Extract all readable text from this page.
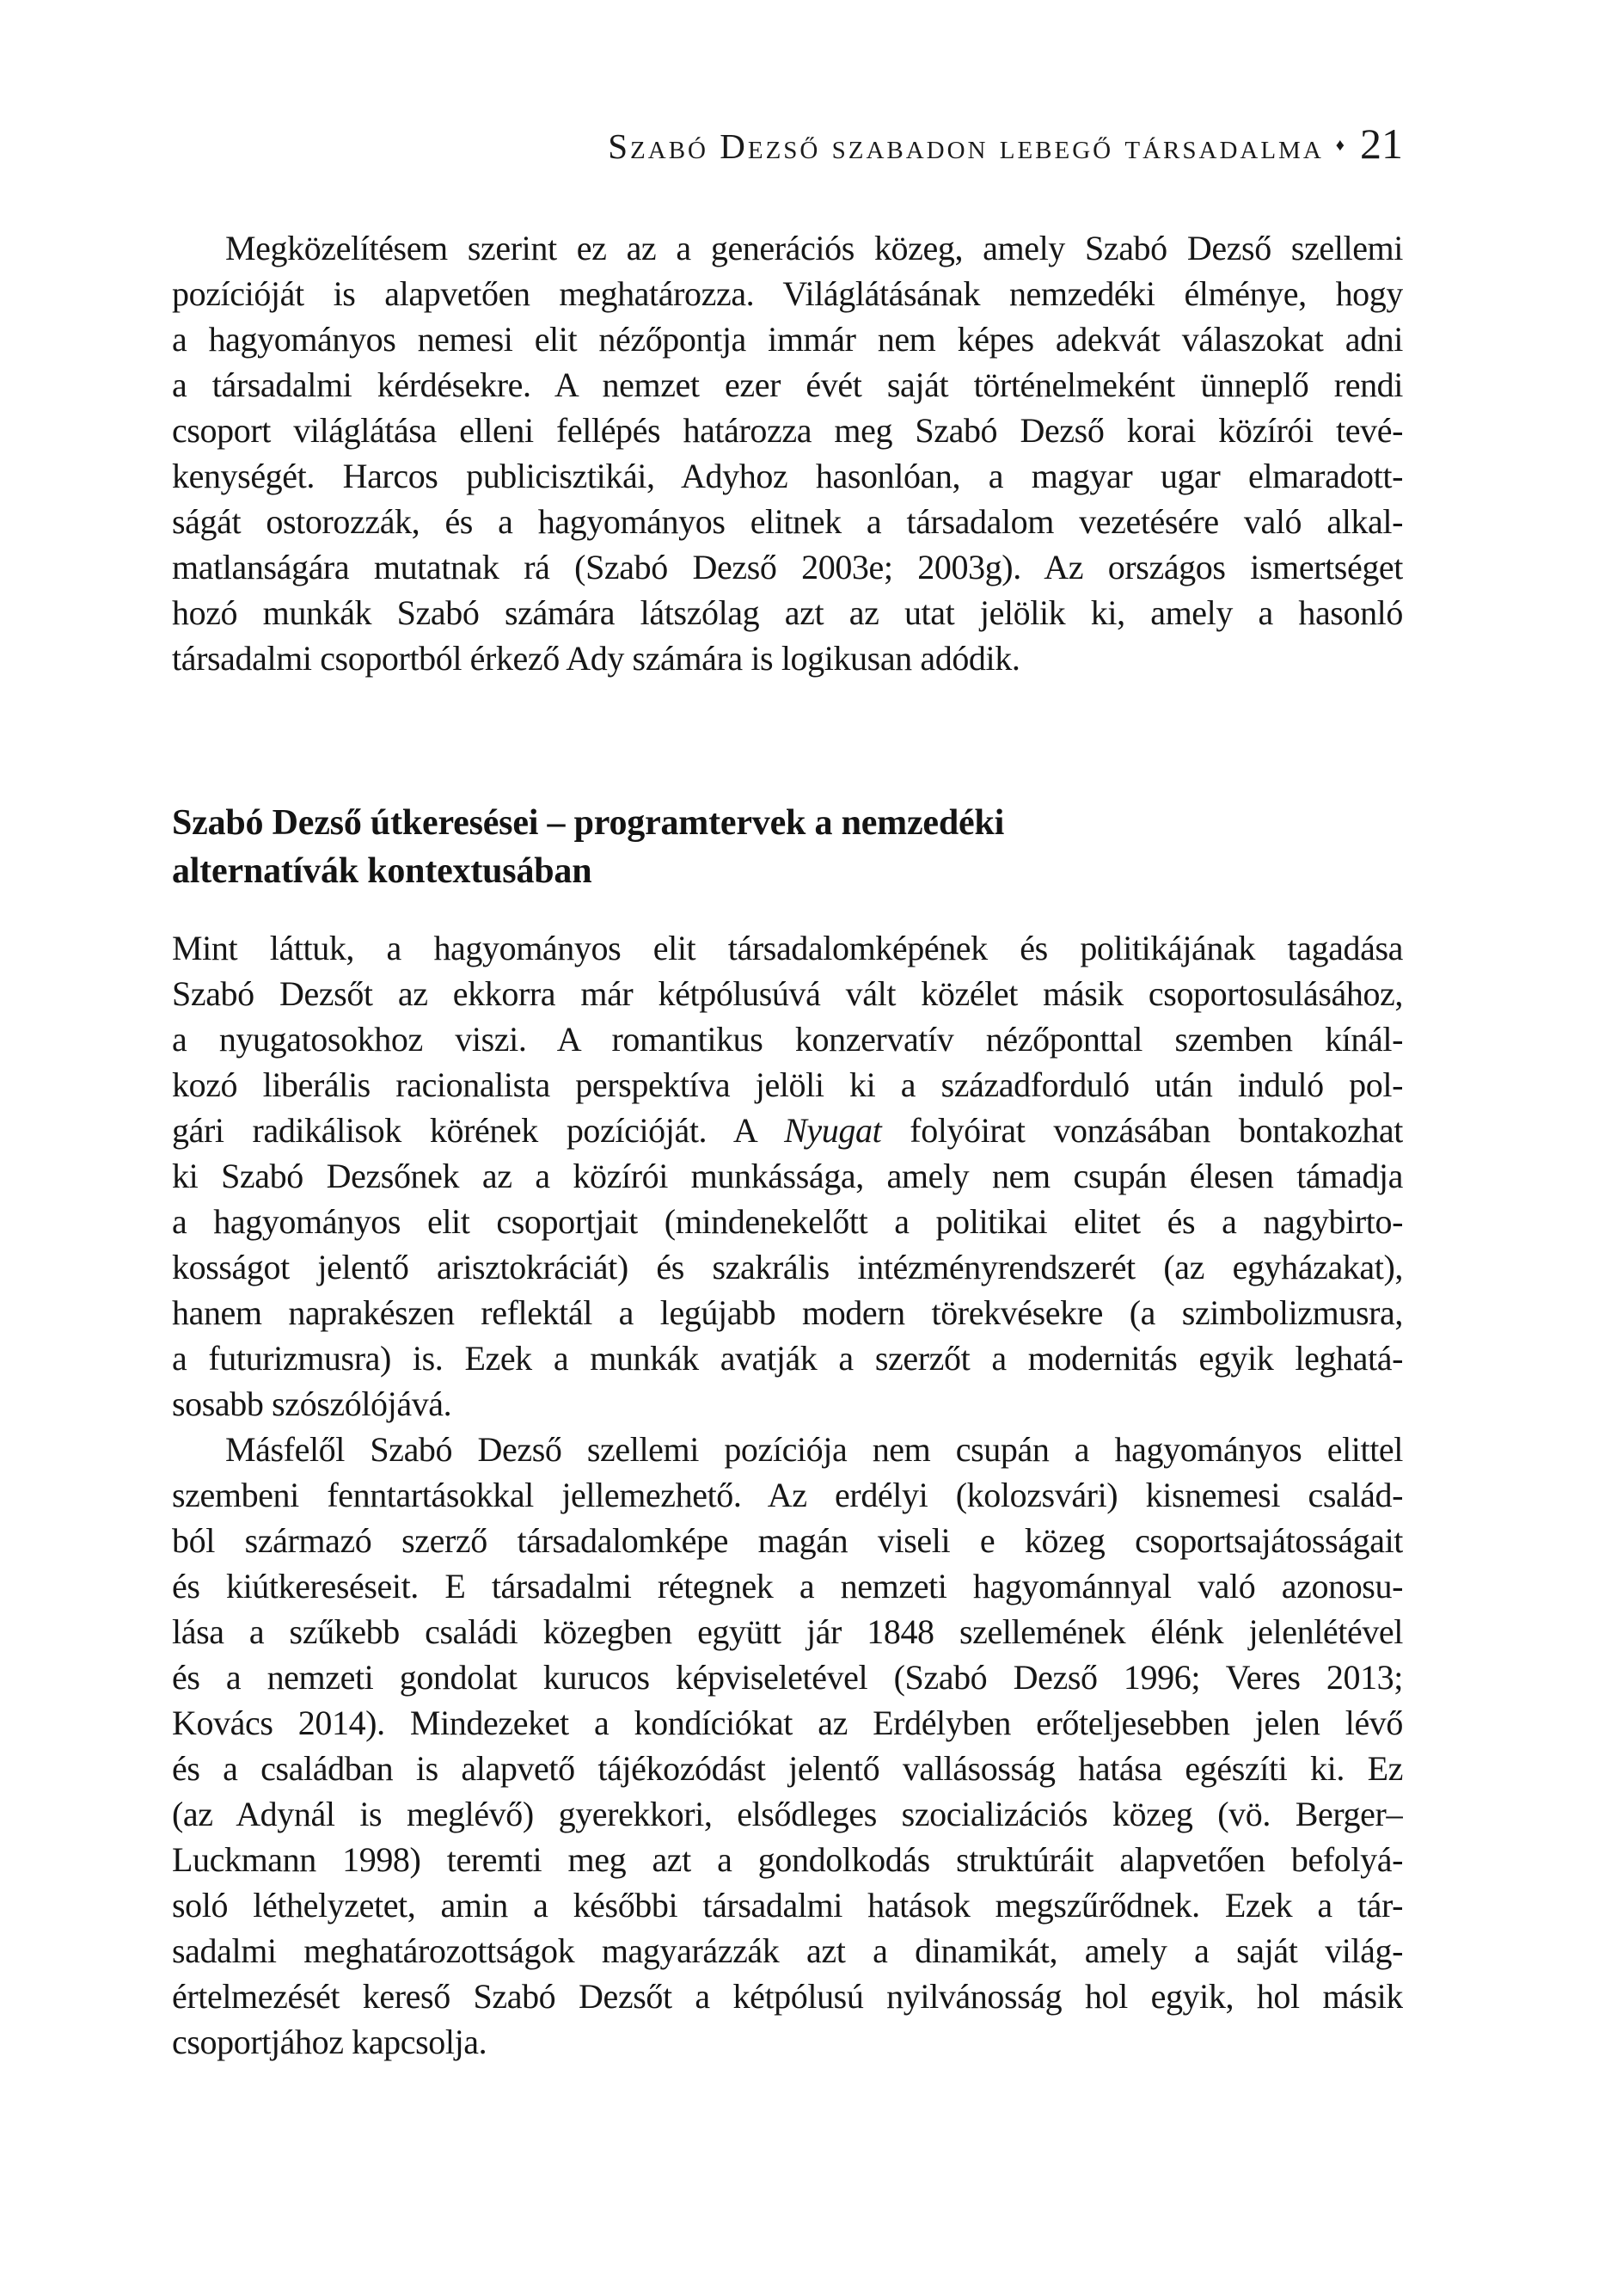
Szabó Dezső szabadon lebegő társadalma ♦ 21
Megközelítésem szerint ez az a generációs közeg, amely Szabó Dezső szellemi
pozícióját is alapvetően meghatározza. Világlátásának nemzedéki élménye, hogy
a hagyományos nemesi elit nézőpontja immár nem képes adekvát válaszokat adni
a társadalmi kérdésekre. A nemzet ezer évét saját történelmeként ünneplő rendi
csoport világlátása elleni fellépés határozza meg Szabó Dezső korai közírói tevé-
kenységét. Harcos publicisztikái, Adyhoz hasonlóan, a magyar ugar elmaradott-
ságát ostorozzák, és a hagyományos elitnek a társadalom vezetésére való alkal-
matlanságára mutatnak rá (Szabó Dezső 2003e; 2003g). Az országos ismertséget
hozó munkák Szabó számára látszólag azt az utat jelölik ki, amely a hasonló
társadalmi csoportból érkező Ady számára is logikusan adódik.
Szabó Dezső útkeresései – programtervek a nemzedéki
alternatívák kontextusában
Mint láttuk, a hagyományos elit társadalomképének és politikájának tagadása
Szabó Dezsőt az ekkorra már kétpólusúvá vált közélet másik csoportosulásához,
a nyugatosokhoz viszi. A romantikus konzervatív nézőponttal szemben kínál-
kozó liberális racionalista perspektíva jelöli ki a századforduló után induló pol-
gári radikálisok körének pozícióját. A Nyugat folyóirat vonzásában bontakozhat
ki Szabó Dezsőnek az a közírói munkássága, amely nem csupán élesen támadja
a hagyományos elit csoportjait (mindenekelőtt a politikai elitet és a nagybirto-
kosságot jelentő arisztokráciát) és szakrális intézményrendszerét (az egyházakat),
hanem naprakészen reflektál a legújabb modern törekvésekre (a szimbolizmusra,
a futurizmusra) is. Ezek a munkák avatják a szerzőt a modernitás egyik leghatá-
sosabb szószólójává.
Másfelől Szabó Dezső szellemi pozíciója nem csupán a hagyományos elittel
szembeni fenntartásokkal jellemezhető. Az erdélyi (kolozsvári) kisnemesi család-
ból származó szerző társadalomképe magán viseli e közeg csoportsajátosságait
és kiútkereséseit. E társadalmi rétegnek a nemzeti hagyománnyal való azonosu-
lása a szűkebb családi közegben együtt jár 1848 szellemének élénk jelenlétével
és a nemzeti gondolat kurucos képviseletével (Szabó Dezső 1996; Veres 2013;
Kovács 2014). Mindezeket a kondíciókat az Erdélyben erőteljesebben jelen lévő
és a családban is alapvető tájékozódást jelentő vallásosság hatása egészíti ki. Ez
(az Adynál is meglévő) gyerekkori, elsődleges szocializációs közeg (vö. Berger–
Luckmann 1998) teremti meg azt a gondolkodás struktúráit alapvetően befolyá-
soló léthelyzetet, amin a későbbi társadalmi hatások megszűrődnek. Ezek a tár-
sadalmi meghatározottságok magyarázzák azt a dinamikát, amely a saját világ-
értelmezését kereső Szabó Dezsőt a kétpólusú nyilvánosság hol egyik, hol másik
csoportjához kapcsolja.
